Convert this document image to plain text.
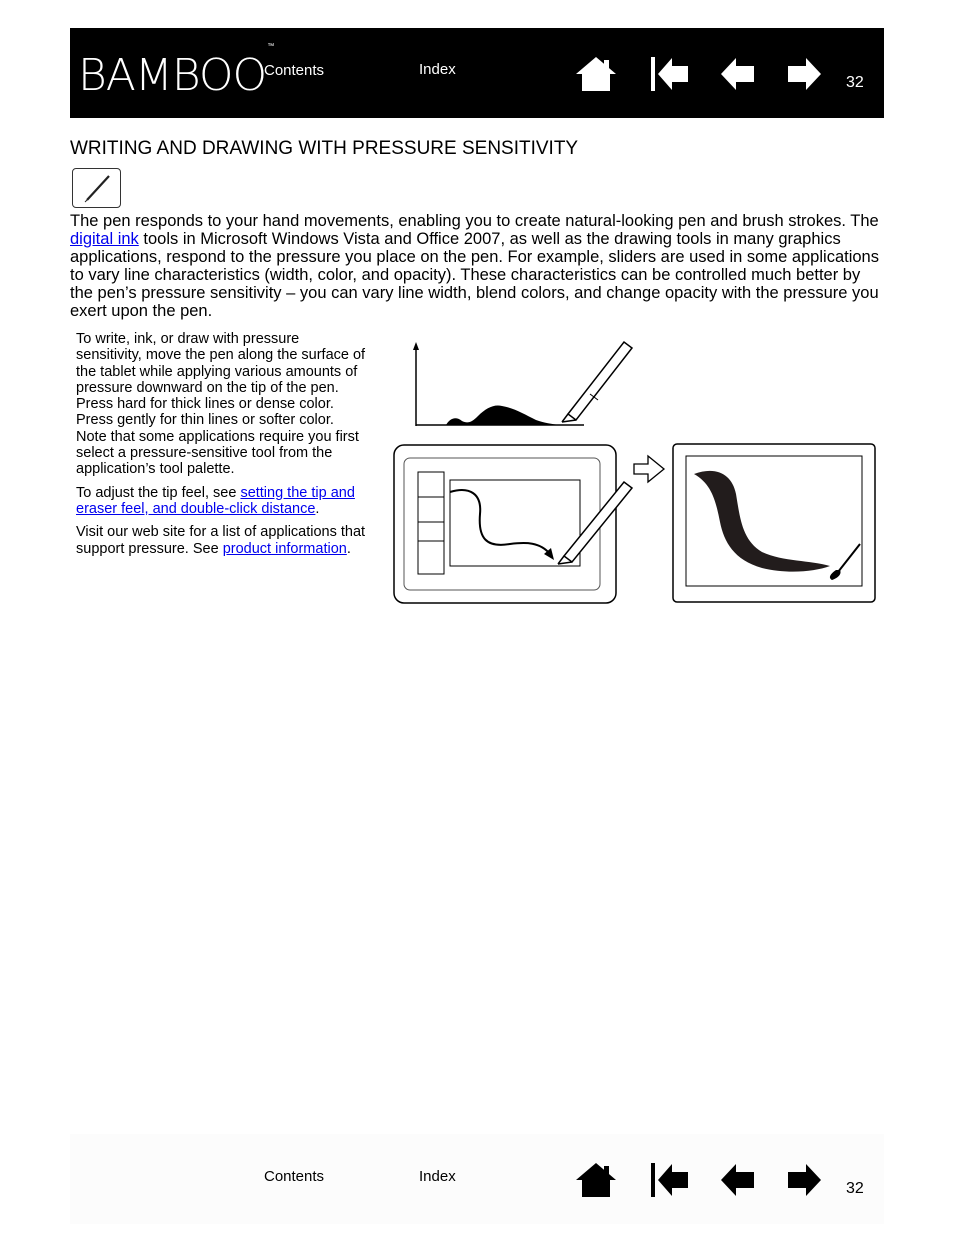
BAMBOO™
Contents	Index
32
WRITING AND DRAWING WITH PRESSURE SENSITIVITY

The pen responds to your hand movements, enabling you to create natural-looking pen and brush strokes. The digital ink tools in Microsoft Windows Vista and Office 2007, as well as the drawing tools in many graphics applications, respond to the pressure you place on the pen. For example, sliders are used in some applications to vary line characteristics (width, color, and opacity). These characteristics can be controlled much better by the pen’s pressure sensitivity – you can vary line width, blend colors, and change opacity with the pressure you exert upon the pen.

To write, ink, or draw with pressure sensitivity, move the pen along the surface of the tablet while applying various amounts of pressure downward on the tip of the pen. Press hard for thick lines or dense color. Press gently for thin lines or softer color. Note that some applications require you first select a pressure-sensitive tool from the application’s tool palette.

To adjust the tip feel, see setting the tip and eraser feel, and double-click distance.

Visit our web site for a list of applications that support pressure. See product information.

Contents	Index
32
